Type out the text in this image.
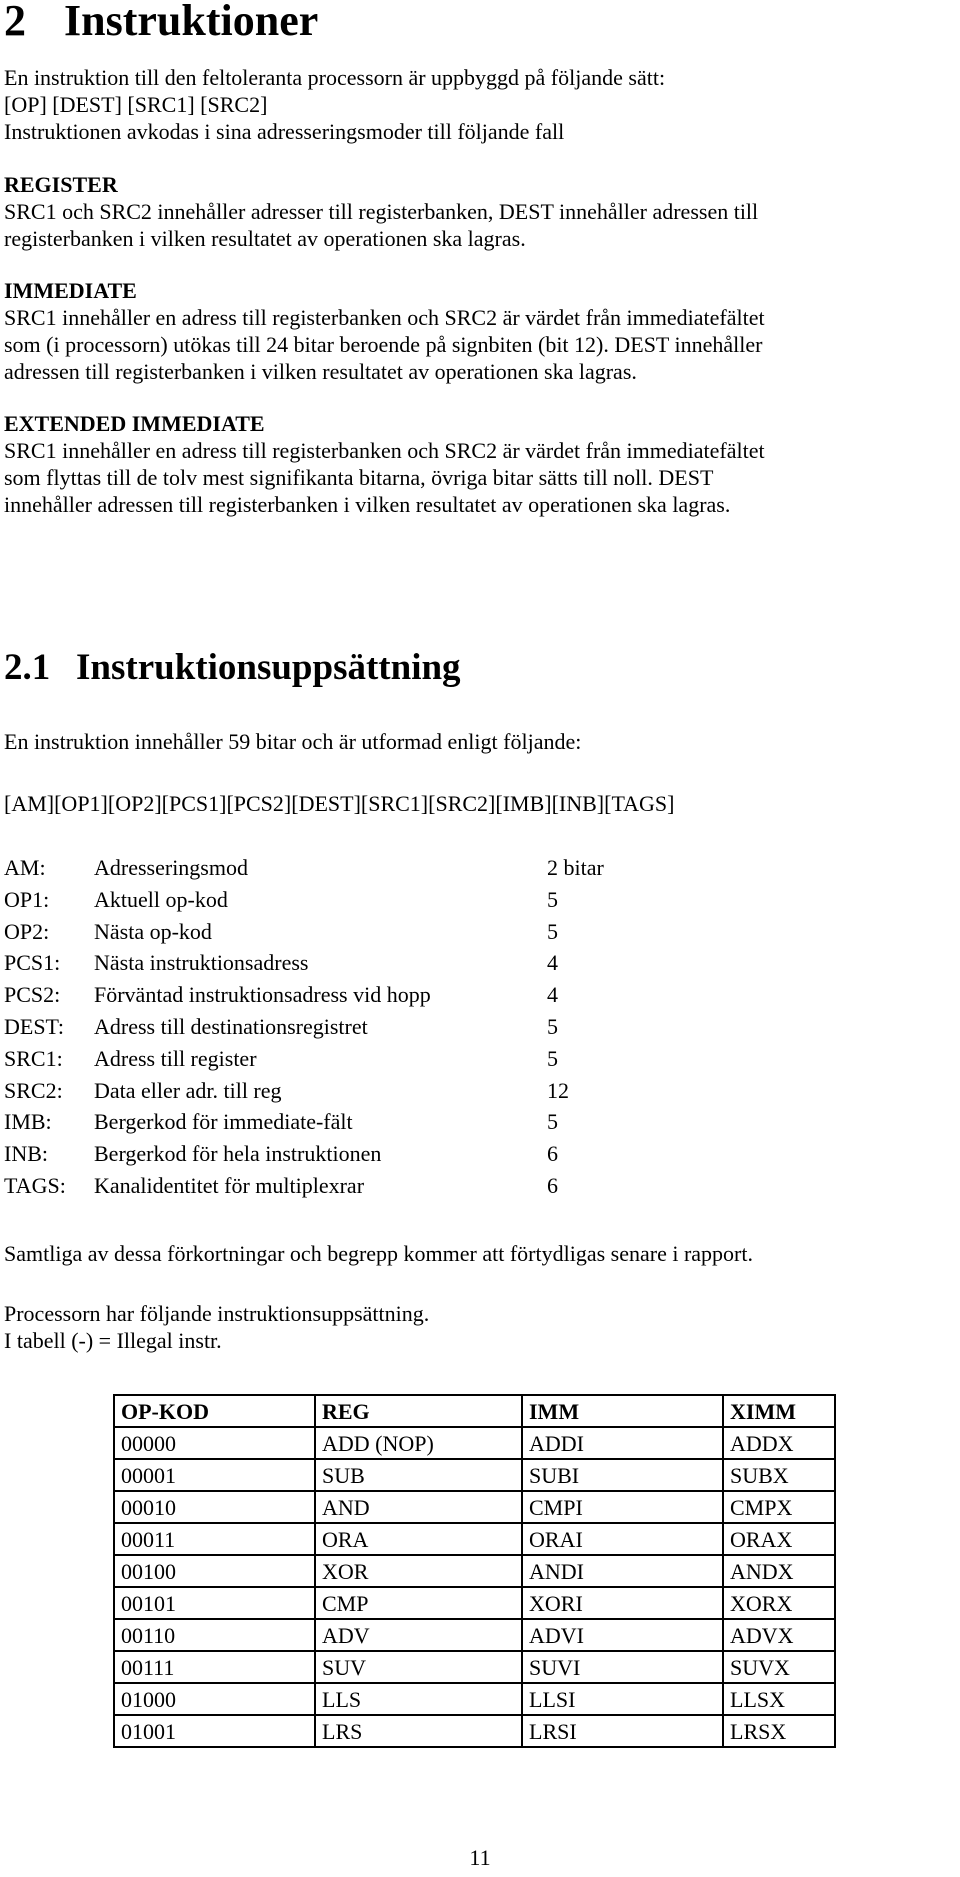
2 Instruktioner

En instruktion till den feltoleranta processorn är uppbyggd på följande sätt:

[OP] [DEST] [SRC1] [SRC2]

Instruktionen avkodas i sina adresseringsmoder till följande fall

REGISTER

SRC1 och SRC2 innehåller adresser till registerbanken, DEST innehåller adressen till

registerbanken i vilken resultatet av operationen ska lagras.

IMMEDIATE

SRC1 innehåller en adress till registerbanken och SRC2 är värdet från immediatefältet

som (i processorn) utökas till 24 bitar beroende på signbiten (bit 12). DEST innehåller

adressen till registerbanken i vilken resultatet av operationen ska lagras.

EXTENDED IMMEDIATE

SRC1 innehåller en adress till registerbanken och SRC2 är värdet från immediatefältet

som flyttas till de tolv mest signifikanta bitarna, övriga bitar sätts till noll. DEST

innehåller adressen till registerbanken i vilken resultatet av operationen ska lagras.

2.1 Instruktionsuppsättning

En instruktion innehåller 59 bitar och är utformad enligt följande:

[AM][OP1][OP2][PCS1][PCS2][DEST][SRC1][SRC2][IMB][INB][TAGS]

AM: Adresseringsmod	2 bitar
OP1: Aktuell op-kod	5
OP2: Nästa op-kod	5
PCS1: Nästa instruktionsadress	4
PCS2: Förväntad instruktionsadress vid hopp	4
DEST: Adress till destinationsregistret	5
SRC1: Adress till register	5
SRC2: Data eller adr. till reg	12
IMB: Bergerkod för immediate-fält	5
INB: Bergerkod för hela instruktionen	6
TAGS: Kanalidentitet för multiplexrar	6

Samtliga av dessa förkortningar och begrepp kommer att förtydligas senare i rapport.

Processorn har följande instruktionsuppsättning.

I tabell (-) = Illegal instr.

OP-KOD	REG	IMM	XIMM
00000	ADD (NOP)	ADDI	ADDX
00001	SUB	SUBI	SUBX
00010	AND	CMPI	CMPX
00011	ORA	ORAI	ORAX
00100	XOR	ANDI	ANDX
00101	CMP	XORI	XORX
00110	ADV	ADVI	ADVX
00111	SUV	SUVI	SUVX
01000	LLS	LLSI	LLSX
01001	LRS	LRSI	LRSX
11
